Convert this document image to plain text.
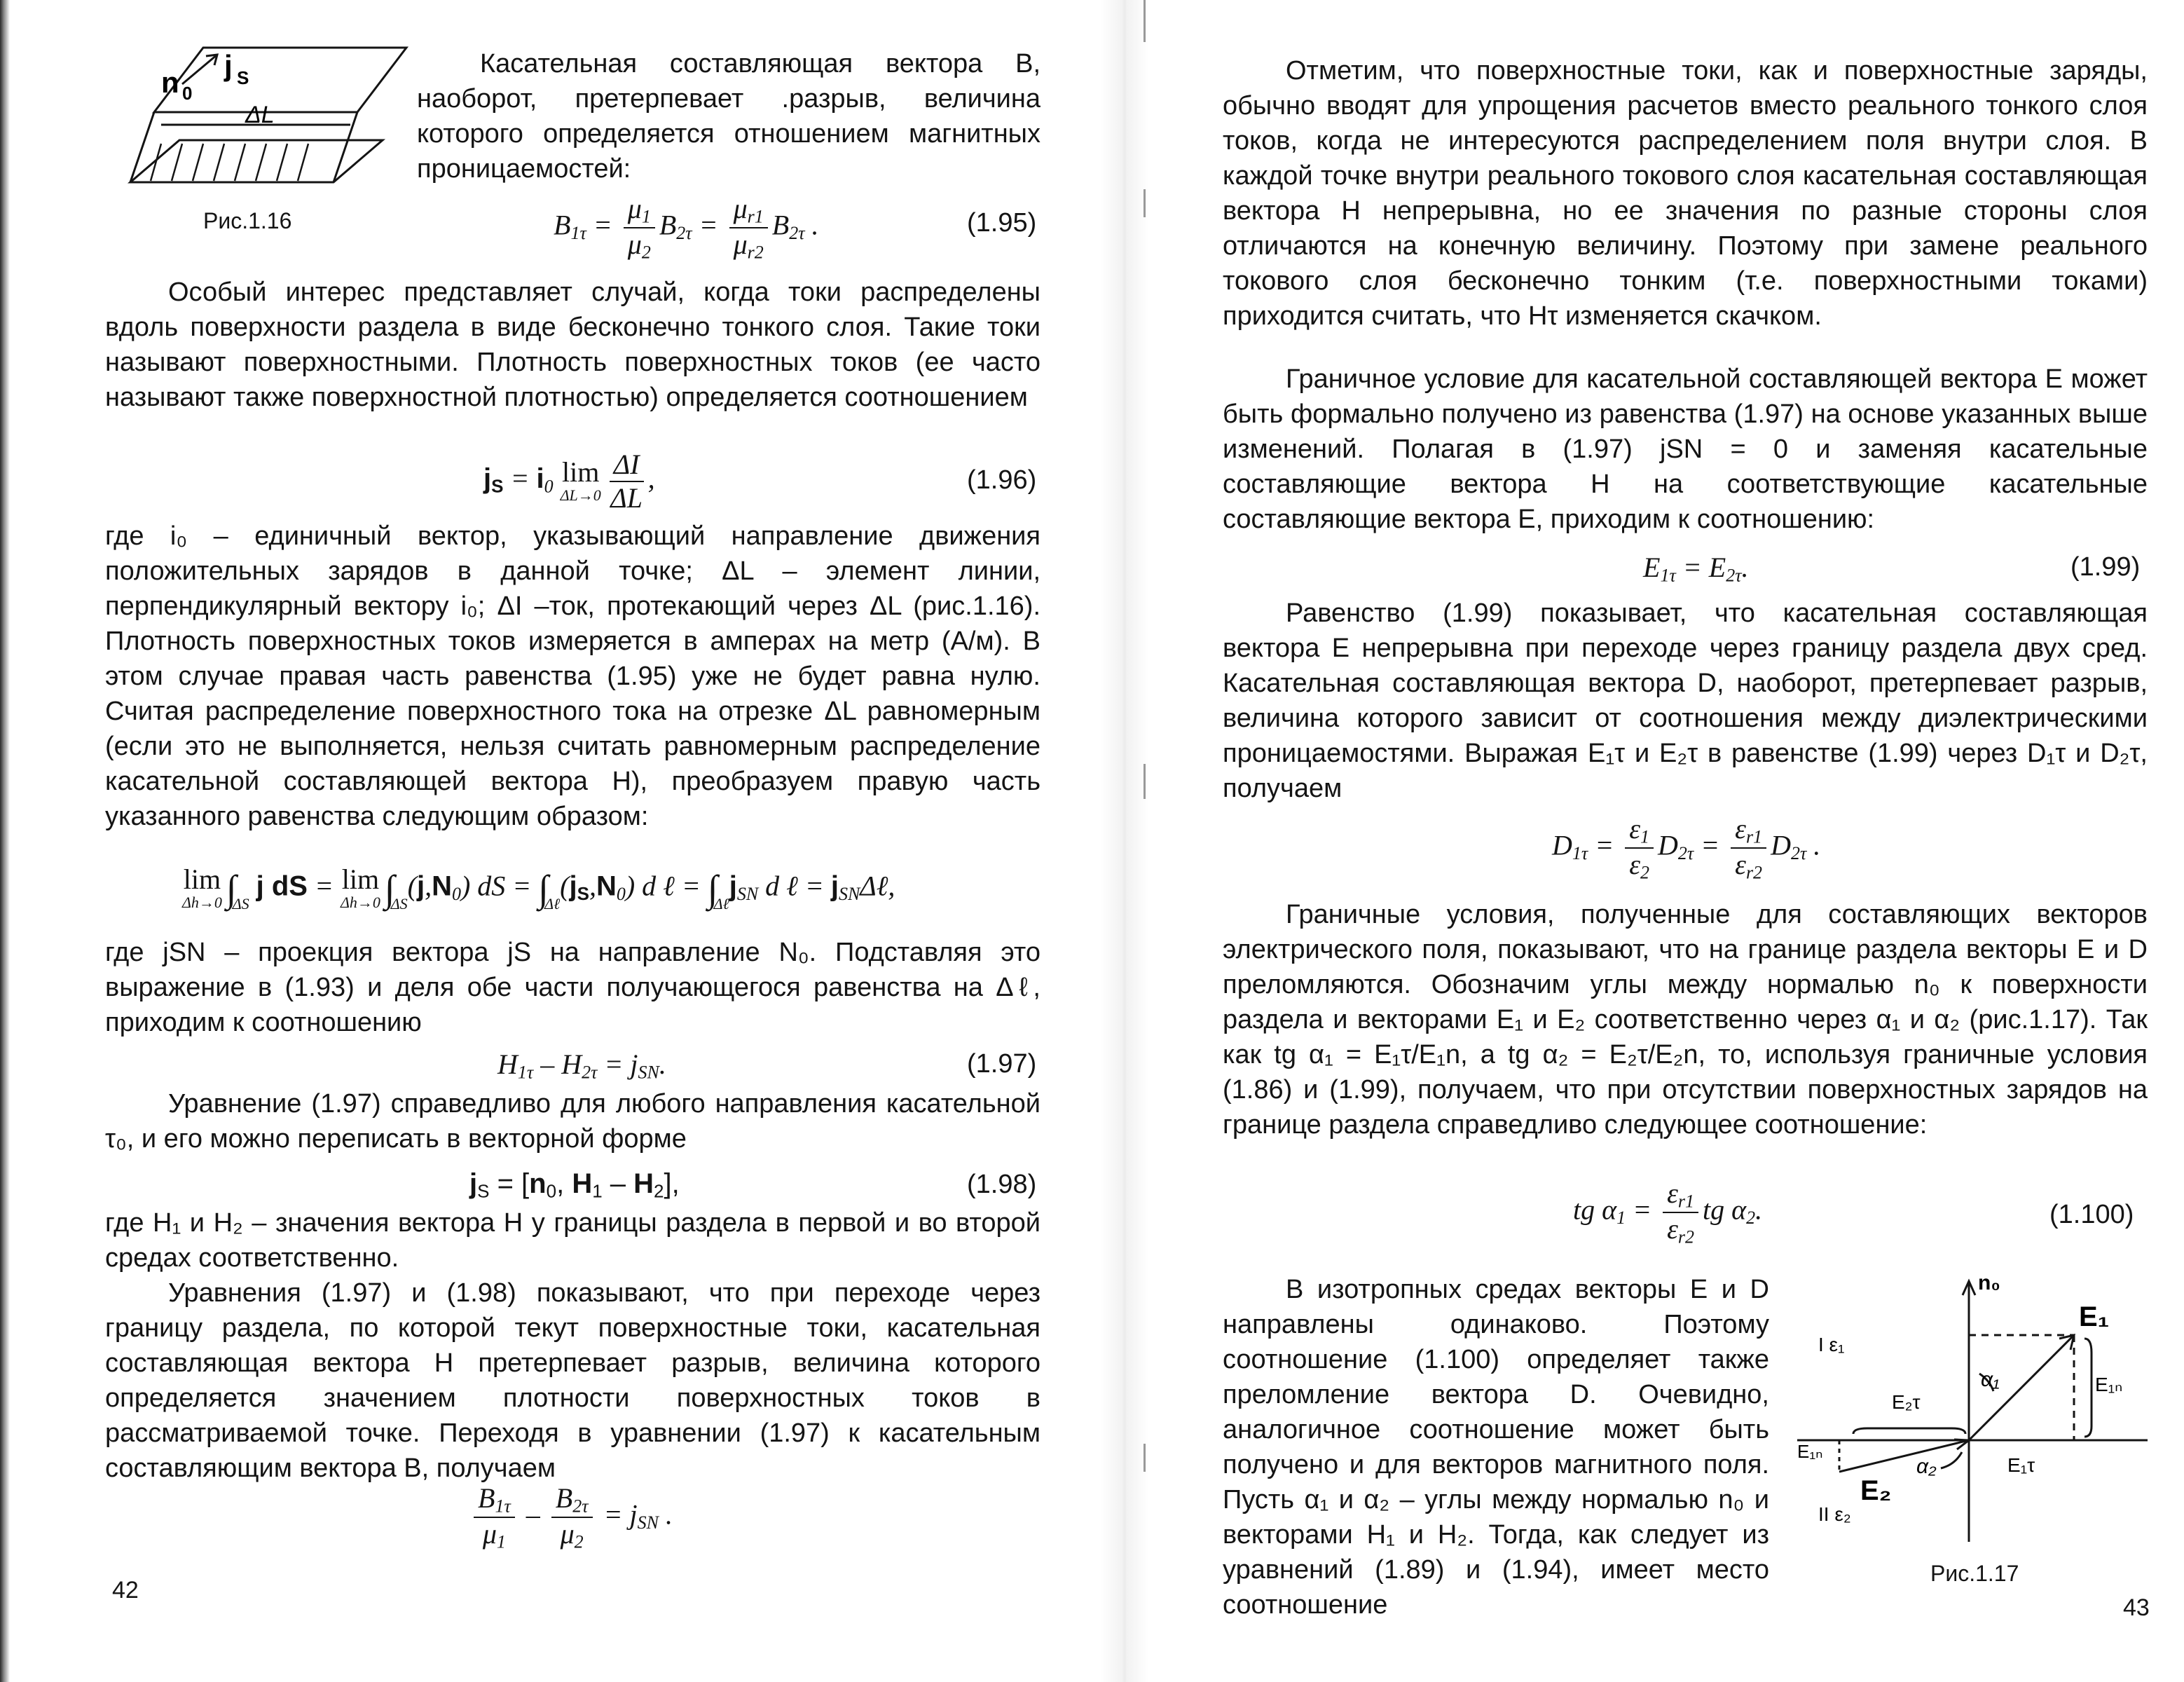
n 0
j S
ΔL
Рис.1.16

Касательная составляющая вектора B, наоборот, претерпевает .разрыв, величина которого определяется отношением магнитных проницаемостей:

$B_{1\tau} = \frac{\mu_1}{\mu_2} B_{2\tau} = \frac{\mu_{r1}}{\mu_{r2}} B_{2\tau}$ .	(1.95)

Особый интерес представляет случай, когда токи распределены вдоль поверхности раздела в виде бесконечно тонкого слоя. Такие токи называют поверхностными. Плотность поверхностных токов (ее часто называют также поверхностной плотностью) определяется соотношением

$j_S = i_0$ lim
$\Delta L\to 0 \frac{\Delta I}{\Delta L}$ ,	(1.96)

где i₀ – единичный вектор, указывающий направление движения положительных зарядов в данной точке; ΔL – элемент линии, перпендикулярный вектору i₀; ΔI –ток, протекающий через ΔL (рис.1.16). Плотность поверхностных токов измеряется в амперах на метр (А/м). В этом случае правая часть равенства (1.95) уже не будет равна нулю. Считая распределение поверхностного тока на отрезке ΔL равномерным (если это не выполняется, нельзя считать равномерным распределение касательной составляющей вектора H), преобразуем правую часть указанного равенства следующим образом:

lim
Δh→0 $\int_{\Delta S}$ j dS = lim
Δh→0 $\int_{\Delta S}(j,N_0)$ dS = $\int_{\Delta\ell}(j_S,N_0)$ d ℓ = $\int_{\Delta\ell}j_{SN}$ d ℓ = $j_{SN}\Delta\ell$,

где jSN – проекция вектора jS на направление N₀. Подставляя это выражение в (1.93) и деля обе части получающегося равенства на Δℓ, приходим к соотношению

$H_{1\tau} - H_{2\tau} = j_{SN}$.	(1.97)

Уравнение (1.97) справедливо для любого направления касательной τ₀, и его можно переписать в векторной форме

$j_S = [n_0$, $H_1 - H_2$],	(1.98)

где H₁ и H₂ – значения вектора H у границы раздела в первой и во второй средах соответственно.

Уравнения (1.97) и (1.98) показывают, что при переходе через границу раздела, по которой текут поверхностные токи, касательная составляющая вектора H претерпевает разрыв, величина которого определяется значением плотности поверхностных токов в рассматриваемой точке. Переходя в уравнении (1.97) к касательным составляющим вектора B, получаем

$\frac{B_{1\tau}}{\mu_1} - \frac{B_{2\tau}}{\mu_2} = j_{SN}$ .
42

Отметим, что поверхностные токи, как и поверхностные заряды, обычно вводят для упрощения расчетов вместо реального тонкого слоя токов, когда не интересуются распределением поля внутри слоя. В каждой точке внутри реального токового слоя касательная составляющая вектора H непрерывна, но ее значения по разные стороны слоя отличаются на конечную величину. Поэтому при замене реального токового слоя бесконечно тонким (т.е. поверхностными токами) приходится считать, что Hτ изменяется скачком.

Граничное условие для касательной составляющей вектора E может быть формально получено из равенства (1.97) на основе указанных выше изменений. Полагая в (1.97) jSN = 0 и заменяя касательные составляющие вектора H на соответствующие касательные составляющие вектора E, приходим к соотношению:

$E_{1\tau} = E_{2\tau}$.	(1.99)

Равенство (1.99) показывает, что касательная составляющая вектора E непрерывна при переходе через границу раздела двух сред. Касательная составляющая вектора D, наоборот, претерпевает разрыв, величина которого зависит от соотношения между диэлектрическими проницаемостями. Выражая E₁τ и E₂τ в равенстве (1.99) через D₁τ и D₂τ, получаем

$D_{1\tau} = \frac{\varepsilon_1}{\varepsilon_2} D_{2\tau} = \frac{\varepsilon_{r1}}{\varepsilon_{r2}} D_{2\tau}$ .

Граничные условия, полученные для составляющих векторов электрического поля, показывают, что на границе раздела векторы E и D преломляются. Обозначим углы между нормалью n₀ к поверхности раздела и векторами E₁ и E₂ соответственно через α₁ и α₂ (рис.1.17). Так как tg α₁ = E₁τ/E₁n, а tg α₂ = E₂τ/E₂n, то, используя граничные условия (1.86) и (1.99), получаем, что при отсутствии поверхностных зарядов на границе раздела справедливо следующее соотношение:

tg $\alpha_1 = \frac{\varepsilon_{r1}}{\varepsilon_{r2}}$ tg $\alpha_2$.	(1.100)

В изотропных средах векторы E и D направлены одинаково. Поэтому соотношение (1.100) определяет также преломление вектора D. Очевидно, аналогичное соотношение может быть получено и для векторов магнитного поля. Пусть α₁ и α₂ – углы между нормалью n₀ и векторами H₁ и H₂. Тогда, как следует из уравнений (1.89) и (1.94), имеет место соотношение

n₀
E₁
E₁ₙ
α₁
E₂τ
E₁ₙ
α₂	E₁τ
E₂
I ε₁
II ε₂
Рис.1.17
43
